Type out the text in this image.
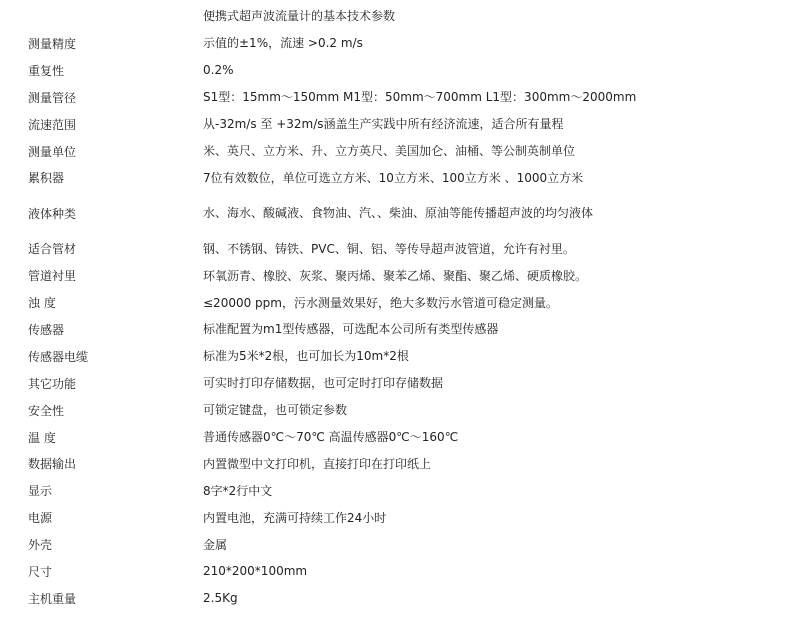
便携式超声波流量计的基本技术参数
测量精度	示值的±1%，流速 >0.2 m/s
重复性	0.2%
测量管径	S1型：15mm～150mm M1型：50mm～700mm L1型：300mm～2000mm
流速范围	从-32m/s 至 +32m/s涵盖生产实践中所有经济流速，适合所有量程
测量单位	米、英尺、立方米、升、立方英尺、美国加仑、油桶、等公制英制单位
累积器	7位有效数位，单位可选立方米、10立方米、100立方米 、1000立方米
液体种类	水、海水、酸碱液、食物油、汽、、柴油、原油等能传播超声波的均匀液体
适合管材	钢、不锈钢、铸铁、PVC、铜、铝、等传导超声波管道，允许有衬里。
管道衬里	环氧沥青、橡胶、灰浆、聚丙烯、聚苯乙烯、聚酯、聚乙烯、硬质橡胶。
浊 度	≤20000 ppm，污水测量效果好，绝大多数污水管道可稳定测量。
传感器	标准配置为m1型传感器，可选配本公司所有类型传感器
传感器电缆	标准为5米*2根，也可加长为10m*2根
其它功能	可实时打印存储数据，也可定时打印存储数据
安全性	可锁定键盘，也可锁定参数
温 度	普通传感器0℃～70℃ 高温传感器0℃～160℃
数据输出	内置微型中文打印机，直接打印在打印纸上
显示	8字*2行中文
电源	内置电池，充满可持续工作24小时
外壳	金属
尺寸	210*200*100mm
主机重量	2.5Kg
